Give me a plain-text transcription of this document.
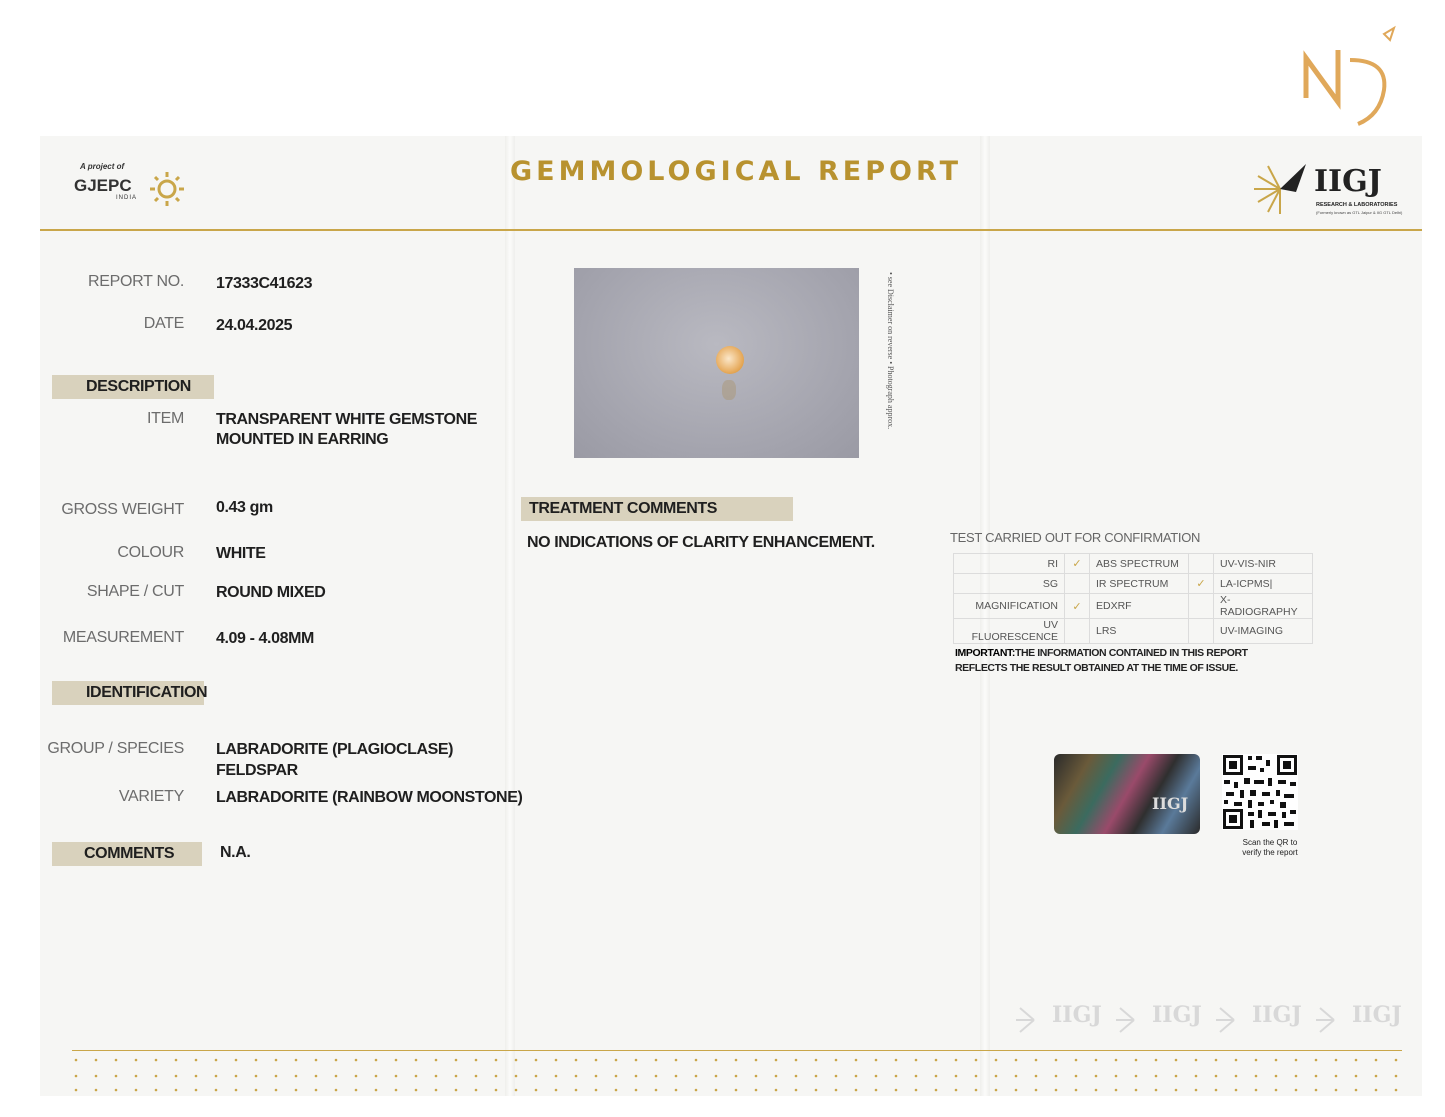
A project of
GJEPC
INDIA
GEMMOLOGICAL REPORT	IIGJ
RESEARCH & LABORATORIES
(Formerly known as GTL Jaipur & IIG GTL Delhi)
REPORT NO. 17333C41623
DATE 24.04.2025
DESCRIPTION
ITEM TRANSPARENT WHITE GEMSTONE
MOUNTED IN EARRING
GROSS WEIGHT 0.43 gm
COLOUR WHITE
SHAPE / CUT ROUND MIXED
MEASUREMENT 4.09 - 4.08MM
IDENTIFICATION
GROUP / SPECIES LABRADORITE (PLAGIOCLASE)
FELDSPAR
VARIETY LABRADORITE (RAINBOW MOONSTONE)
COMMENTS	N.A.
• see Disclaimer on reverse • Photograph approx.
TREATMENT COMMENTS
NO INDICATIONS OF CLARITY ENHANCEMENT.	TEST CARRIED OUT FOR CONFIRMATION
RI	✓	ABS SPECTRUM		UV-VIS-NIR
SG		IR SPECTRUM	✓	LA-ICPMS|
MAGNIFICATION	✓	EDXRF		X-RADIOGRAPHY
UV FLUORESCENCE		LRS		UV-IMAGING
IMPORTANT:THE INFORMATION CONTAINED IN THIS REPORT REFLECTS THE RESULT OBTAINED AT THE TIME OF ISSUE.
IIGJ
Scan the QR to
verify the report
IIGJ IIGJ IIGJ IIGJ
